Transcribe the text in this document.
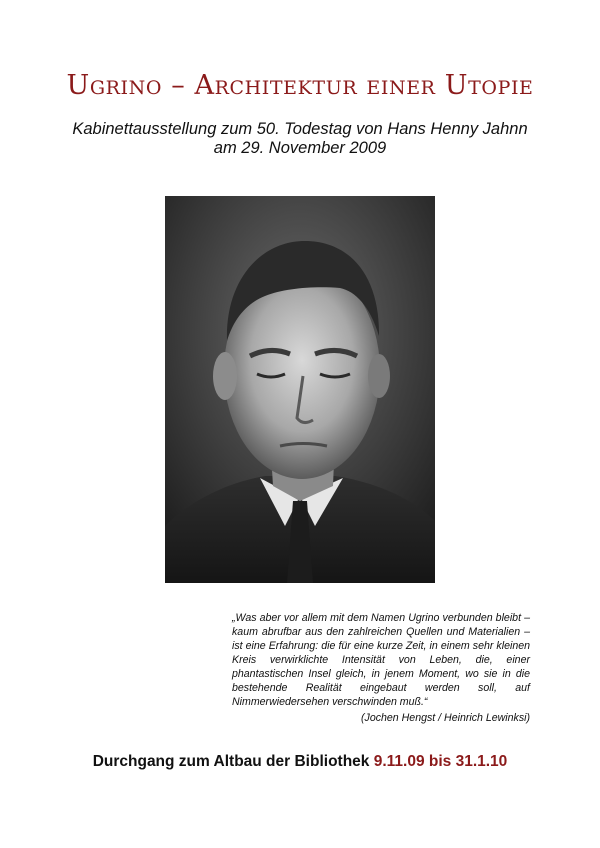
Ugrino – Architektur einer Utopie
Kabinettausstellung zum 50. Todestag von Hans Henny Jahnn
am 29. November 2009
„Was aber vor allem mit dem Namen Ugrino verbunden bleibt – kaum abrufbar aus den zahlreichen Quellen und Materialien – ist eine Erfahrung: die für eine kurze Zeit, in einem sehr kleinen Kreis verwirklichte Intensität von Leben, die, einer phantastischen Insel gleich, in jenem Moment, wo sie in die bestehende Realität eingebaut werden soll, auf Nimmerwiedersehen verschwinden muß.“
(Jochen Hengst / Heinrich Lewinksi)
Durchgang zum Altbau der Bibliothek 9.11.09 bis 31.1.10
